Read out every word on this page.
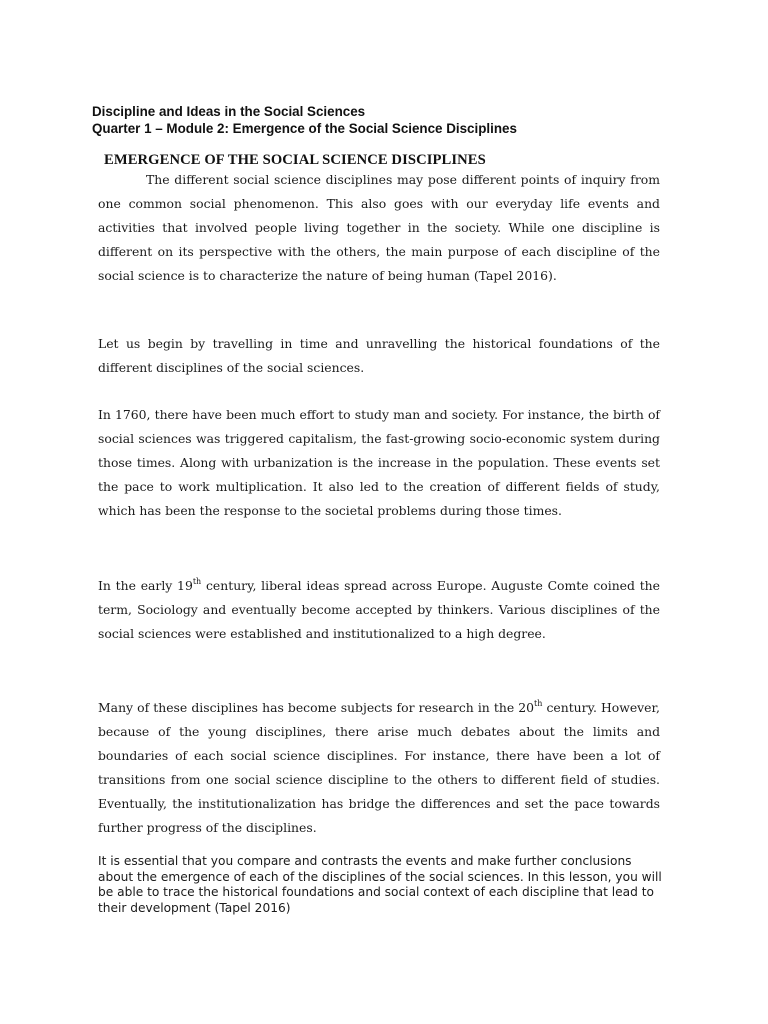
Discipline and Ideas in the Social Sciences
Quarter 1 – Module 2: Emergence of the Social Science Disciplines
EMERGENCE OF THE SOCIAL SCIENCE DISCIPLINES

The different social science disciplines may pose different points of inquiry from one common social phenomenon. This also goes with our everyday life events and activities that involved people living together in the society. While one discipline is different on its perspective with the others, the main purpose of each discipline of the social science is to characterize the nature of being human (Tapel 2016).

Let us begin by travelling in time and unravelling the historical foundations of the different disciplines of the social sciences.

In 1760, there have been much effort to study man and society. For instance, the birth of social sciences was triggered capitalism, the fast-growing socio-economic system during those times. Along with urbanization is the increase in the population. These events set the pace to work multiplication. It also led to the creation of different fields of study, which has been the response to the societal problems during those times.

In the early 19th century, liberal ideas spread across Europe. Auguste Comte coined the term, Sociology and eventually become accepted by thinkers. Various disciplines of the social sciences were established and institutionalized to a high degree.

Many of these disciplines has become subjects for research in the 20th century. However, because of the young disciplines, there arise much debates about the limits and boundaries of each social science disciplines. For instance, there have been a lot of transitions from one social science discipline to the others to different field of studies. Eventually, the institutionalization has bridge the differences and set the pace towards further progress of the disciplines.

It is essential that you compare and contrasts the events and make further conclusions about the emergence of each of the disciplines of the social sciences. In this lesson, you will be able to trace the historical foundations and social context of each discipline that lead to their development (Tapel 2016)
